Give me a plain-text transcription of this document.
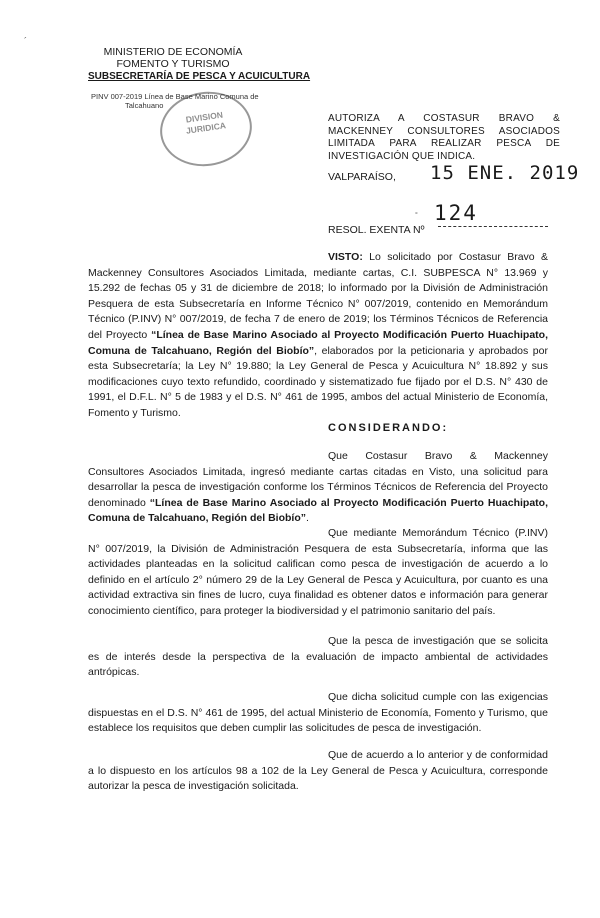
´
MINISTERIO DE ECONOMÍA
FOMENTO Y TURISMO
SUBSECRETARÍA DE PESCA Y ACUICULTURA
PINV 007-2019 Línea de Base Marino Comuna de
Talcahuano
DIVISION
JURIDICA
AUTORIZA A COSTASUR BRAVO & MACKENNEY CONSULTORES ASOCIADOS LIMITADA PARA REALIZAR PESCA DE INVESTIGACIÓN QUE INDICA.
VALPARAÍSO, 15 ENE. 2019
° 124
RESOL. EXENTA Nº

VISTO: Lo solicitado por Costasur Bravo & Mackenney Consultores Asociados Limitada, mediante cartas, C.I. SUBPESCA N° 13.969 y 15.292 de fechas 05 y 31 de diciembre de 2018; lo informado por la División de Administración Pesquera de esta Subsecretaría en Informe Técnico N° 007/2019, contenido en Memorándum Técnico (P.INV) N° 007/2019, de fecha 7 de enero de 2019; los Términos Técnicos de Referencia del Proyecto “Línea de Base Marino Asociado al Proyecto Modificación Puerto Huachipato, Comuna de Talcahuano, Región del Biobío”, elaborados por la peticionaria y aprobados por esta Subsecretaría; la Ley N° 19.880; la Ley General de Pesca y Acuicultura N° 18.892 y sus modificaciones cuyo texto refundido, coordinado y sistematizado fue fijado por el D.S. N° 430 de 1991, el D.F.L. N° 5 de 1983 y el D.S. N° 461 de 1995, ambos del actual Ministerio de Economía, Fomento y Turismo.

CONSIDERANDO:

Que Costasur Bravo & Mackenney Consultores Asociados Limitada, ingresó mediante cartas citadas en Visto, una solicitud para desarrollar la pesca de investigación conforme los Términos Técnicos de Referencia del Proyecto denominado “Línea de Base Marino Asociado al Proyecto Modificación Puerto Huachipato, Comuna de Talcahuano, Región del Biobío”.

Que mediante Memorándum Técnico (P.INV) N° 007/2019, la División de Administración Pesquera de esta Subsecretaría, informa que las actividades planteadas en la solicitud califican como pesca de investigación de acuerdo a lo definido en el artículo 2° número 29 de la Ley General de Pesca y Acuicultura, por cuanto es una actividad extractiva sin fines de lucro, cuya finalidad es obtener datos e información para generar conocimiento científico, para proteger la biodiversidad y el patrimonio sanitario del país.

Que la pesca de investigación que se solicita es de interés desde la perspectiva de la evaluación de impacto ambiental de actividades antrópicas.

Que dicha solicitud cumple con las exigencias dispuestas en el D.S. N° 461 de 1995, del actual Ministerio de Economía, Fomento y Turismo, que establece los requisitos que deben cumplir las solicitudes de pesca de investigación.

Que de acuerdo a lo anterior y de conformidad a lo dispuesto en los artículos 98 a 102 de la Ley General de Pesca y Acuicultura, corresponde autorizar la pesca de investigación solicitada.
